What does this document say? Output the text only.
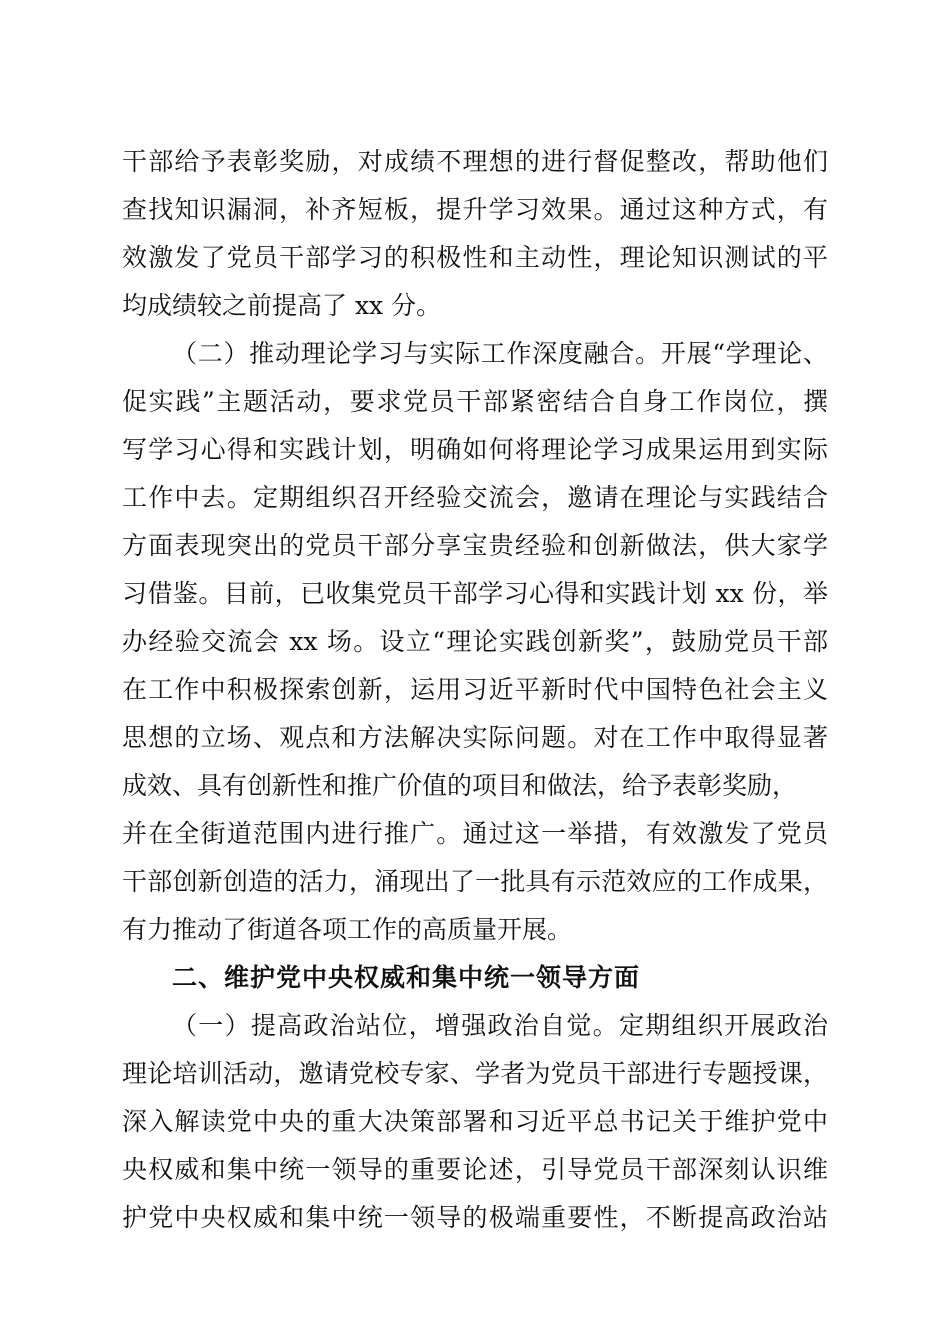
干部给予表彰奖励，对成绩不理想的进行督促整改，帮助他们
查找知识漏洞，补齐短板，提升学习效果。通过这种方式，有
效激发了党员干部学习的积极性和主动性，理论知识测试的平
均成绩较之前提高了 xx 分。
（二）推动理论学习与实际工作深度融合。开展“学理论、
促实践”主题活动，要求党员干部紧密结合自身工作岗位，撰
写学习心得和实践计划，明确如何将理论学习成果运用到实际
工作中去。定期组织召开经验交流会，邀请在理论与实践结合
方面表现突出的党员干部分享宝贵经验和创新做法，供大家学
习借鉴。目前，已收集党员干部学习心得和实践计划 xx 份，举
办经验交流会 xx 场。设立“理论实践创新奖”，鼓励党员干部
在工作中积极探索创新，运用习近平新时代中国特色社会主义
思想的立场、观点和方法解决实际问题。对在工作中取得显著
成效、具有创新性和推广价值的项目和做法，给予表彰奖励，
并在全街道范围内进行推广。通过这一举措，有效激发了党员
干部创新创造的活力，涌现出了一批具有示范效应的工作成果，
有力推动了街道各项工作的高质量开展。
二、维护党中央权威和集中统一领导方面
（一）提高政治站位，增强政治自觉。定期组织开展政治
理论培训活动，邀请党校专家、学者为党员干部进行专题授课，
深入解读党中央的重大决策部署和习近平总书记关于维护党中
央权威和集中统一领导的重要论述，引导党员干部深刻认识维
护党中央权威和集中统一领导的极端重要性，不断提高政治站
